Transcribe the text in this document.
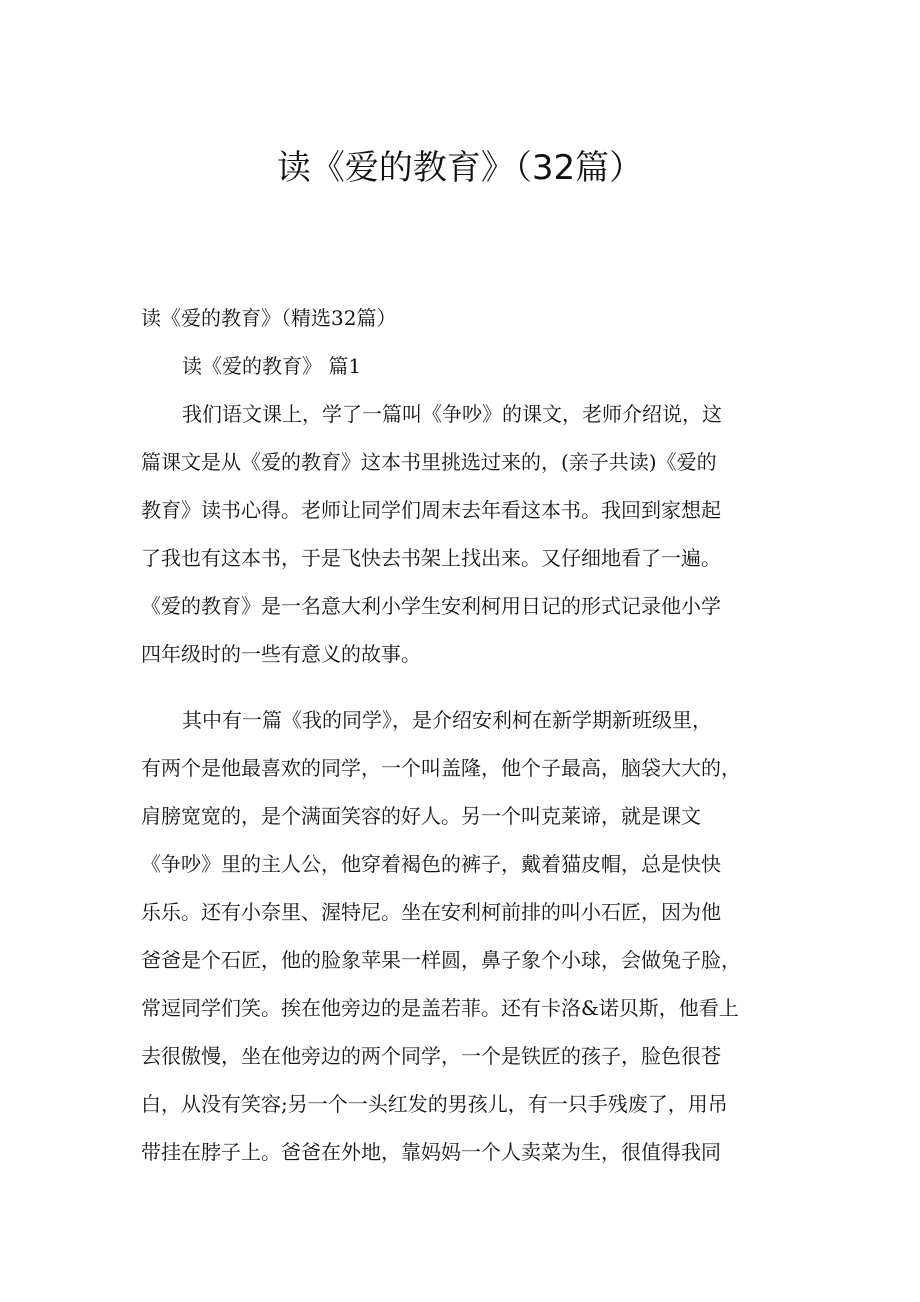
读《爱的教育》（32篇）
读《爱的教育》（精选32篇）
读《爱的教育》 篇1
我们语文课上，学了一篇叫《争吵》的课文，老师介绍说，这
篇课文是从《爱的教育》这本书里挑选过来的，(亲子共读)《爱的
教育》读书心得。老师让同学们周末去年看这本书。我回到家想起
了我也有这本书，于是飞快去书架上找出来。又仔细地看了一遍。
《爱的教育》是一名意大利小学生安利柯用日记的形式记录他小学
四年级时的一些有意义的故事。
其中有一篇《我的同学》，是介绍安利柯在新学期新班级里，
有两个是他最喜欢的同学，一个叫盖隆，他个子最高，脑袋大大的，
肩膀宽宽的，是个满面笑容的好人。另一个叫克莱谛，就是课文
《争吵》里的主人公，他穿着褐色的裤子，戴着猫皮帽，总是快快
乐乐。还有小奈里、渥特尼。坐在安利柯前排的叫小石匠，因为他
爸爸是个石匠，他的脸象苹果一样圆，鼻子象个小球，会做兔子脸，
常逗同学们笑。挨在他旁边的是盖若菲。还有卡洛&诺贝斯，他看上
去很傲慢，坐在他旁边的两个同学，一个是铁匠的孩子，脸色很苍
白，从没有笑容;另一个一头红发的男孩儿，有一只手残废了，用吊
带挂在脖子上。爸爸在外地，靠妈妈一个人卖菜为生，很值得我同
